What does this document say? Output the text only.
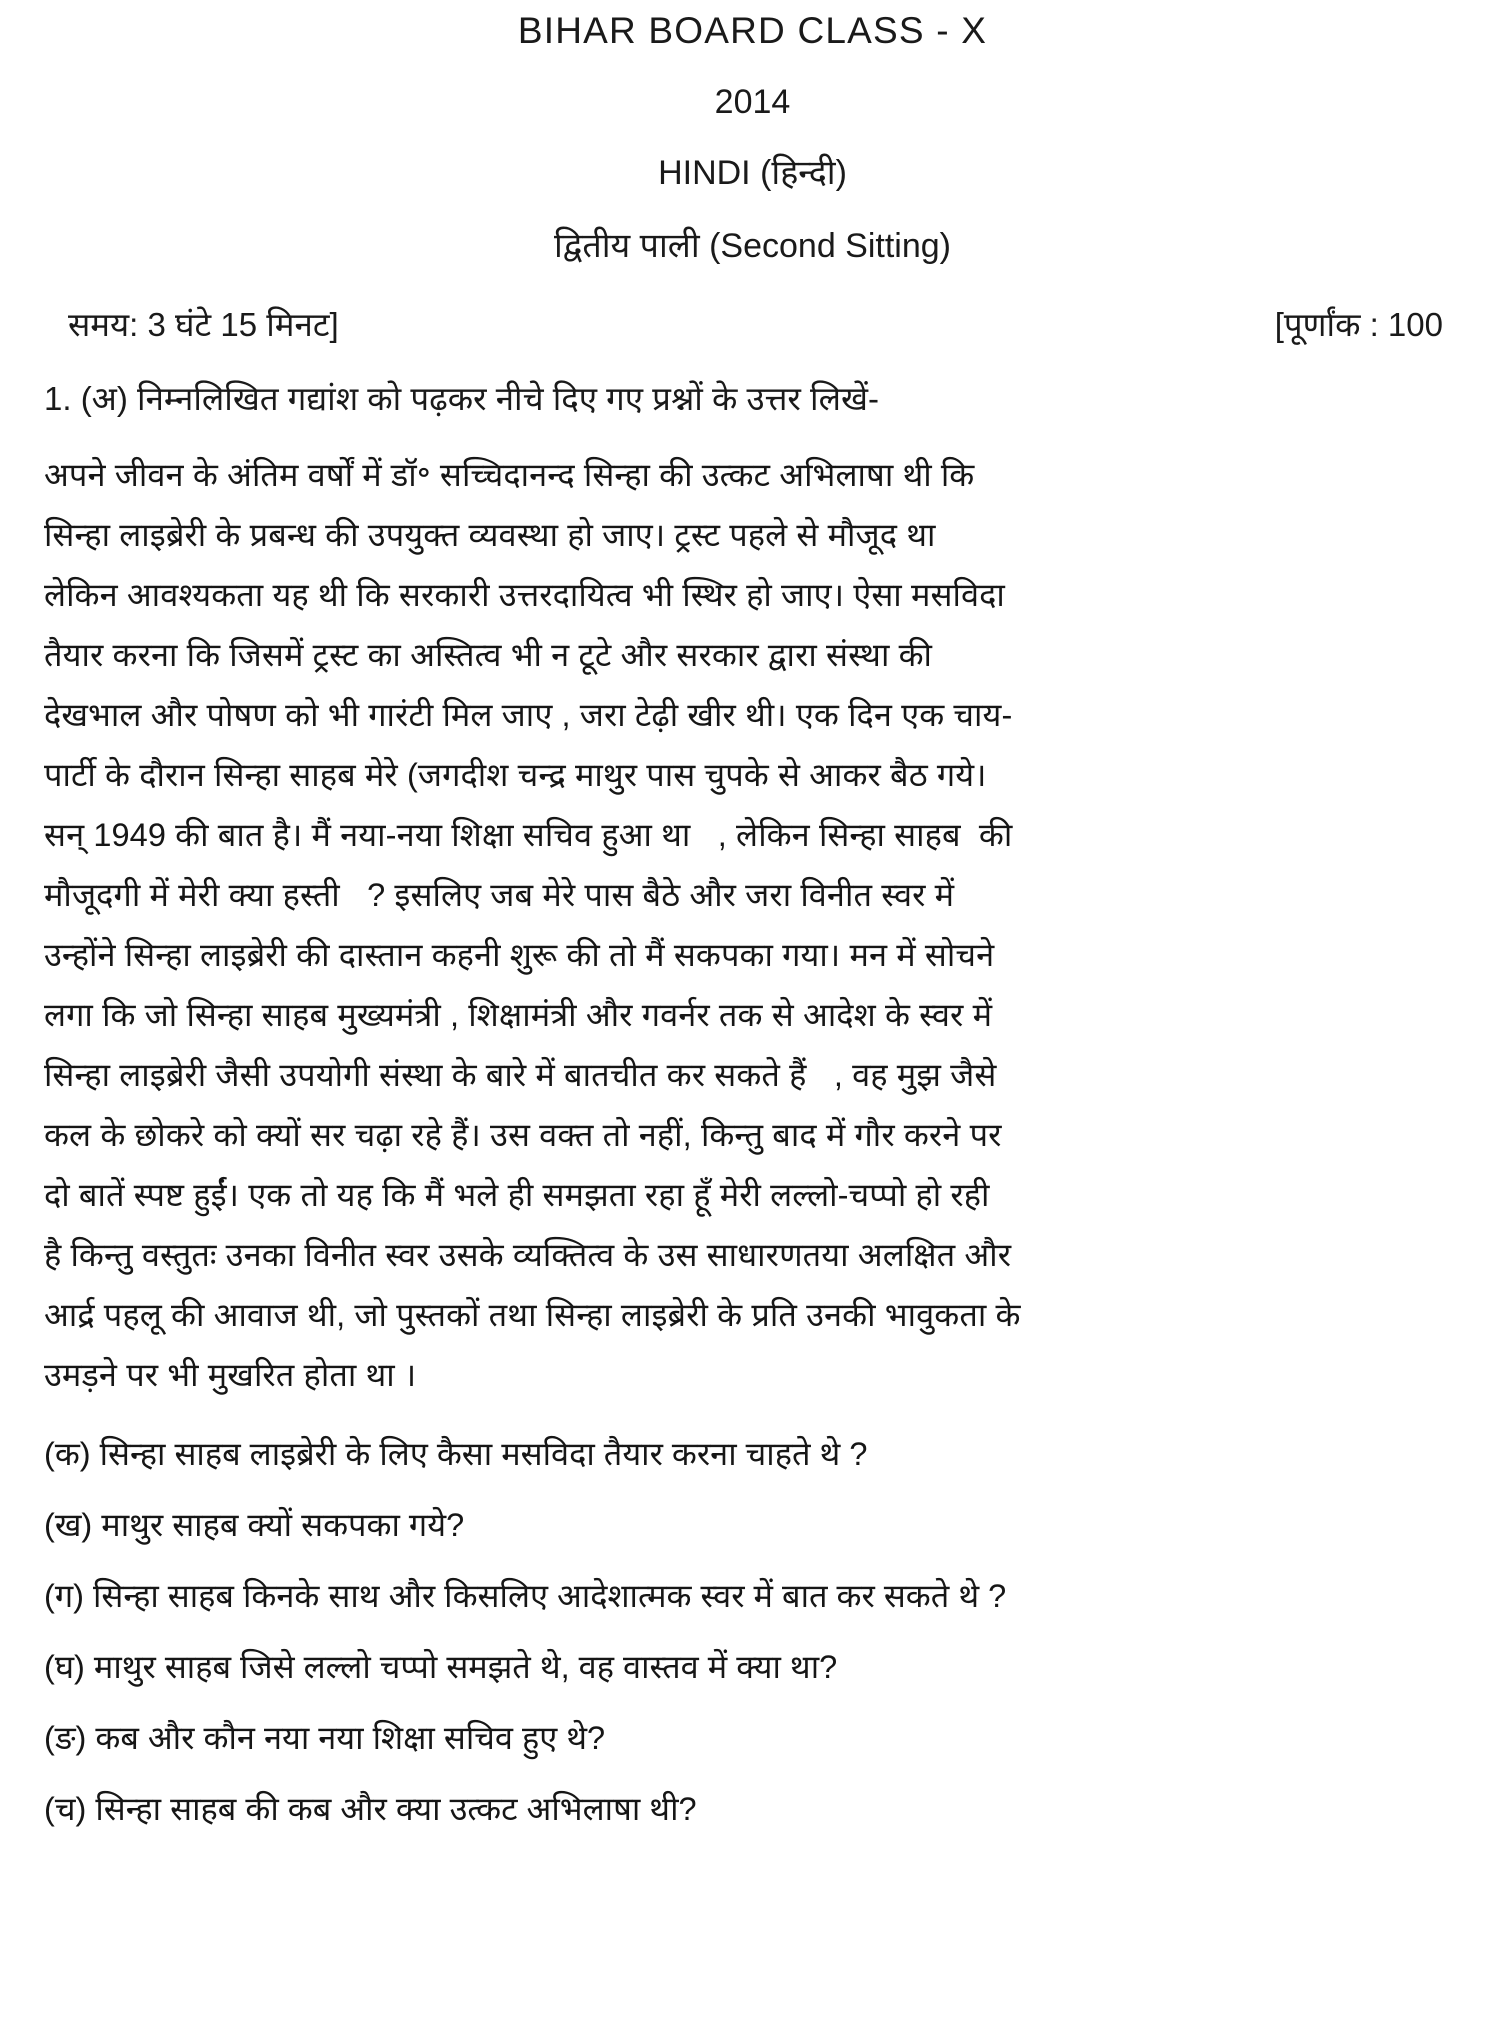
BIHAR BOARD CLASS - X
2014
HINDI (हिन्दी)
द्वितीय पाली (Second Sitting)
समय: 3 घंटे 15 मिनट]	[पूर्णांक : 100
1. (अ) निम्नलिखित गद्यांश को पढ़कर नीचे दिए गए प्रश्नों के उत्तर लिखें-
अपने जीवन के अंतिम वर्षों में डॉ॰ सच्चिदानन्द सिन्हा की उत्कट अभिलाषा थी कि
सिन्हा लाइब्रेरी के प्रबन्ध की उपयुक्त व्यवस्था हो जाए। ट्रस्ट पहले से मौजूद था
लेकिन आवश्यकता यह थी कि सरकारी उत्तरदायित्व भी स्थिर हो जाए। ऐसा मसविदा
तैयार करना कि जिसमें ट्रस्ट का अस्तित्व भी न टूटे और सरकार द्वारा संस्था की
देखभाल और पोषण को भी गारंटी मिल जाए , जरा टेढ़ी खीर थी। एक दिन एक चाय-
पार्टी के दौरान सिन्हा साहब मेरे (जगदीश चन्द्र माथुर पास चुपके से आकर बैठ गये।
सन् 1949 की बात है। मैं नया-नया शिक्षा सचिव हुआ था   , लेकिन सिन्हा साहब  की
मौजूदगी में मेरी क्या हस्ती   ? इसलिए जब मेरे पास बैठे और जरा विनीत स्वर में
उन्होंने सिन्हा लाइब्रेरी की दास्तान कहनी शुरू की तो मैं सकपका गया। मन में सोचने
लगा कि जो सिन्हा साहब मुख्यमंत्री , शिक्षामंत्री और गवर्नर तक से आदेश के स्वर में
सिन्हा लाइब्रेरी जैसी उपयोगी संस्था के बारे में बातचीत कर सकते हैं   , वह मुझ जैसे
कल के छोकरे को क्यों सर चढ़ा रहे हैं। उस वक्त तो नहीं, किन्तु बाद में गौर करने पर
दो बातें स्पष्ट हुईं। एक तो यह कि मैं भले ही समझता रहा हूँ मेरी लल्लो-चप्पो हो रही
है किन्तु वस्तुतः उनका विनीत स्वर उसके व्यक्तित्व के उस साधारणतया अलक्षित और
आर्द्र पहलू की आवाज थी, जो पुस्तकों तथा सिन्हा लाइब्रेरी के प्रति उनकी भावुकता के
उमड़ने पर भी मुखरित होता था ।
(क) सिन्हा साहब लाइब्रेरी के लिए कैसा मसविदा तैयार करना चाहते थे ?
(ख) माथुर साहब क्यों सकपका गये?
(ग) सिन्हा साहब किनके साथ और किसलिए आदेशात्मक स्वर में बात कर सकते थे ?
(घ) माथुर साहब जिसे लल्लो चप्पो समझते थे, वह वास्तव में क्या था?
(ङ) कब और कौन नया नया शिक्षा सचिव हुए थे?
(च) सिन्हा साहब की कब और क्या उत्कट अभिलाषा थी?
